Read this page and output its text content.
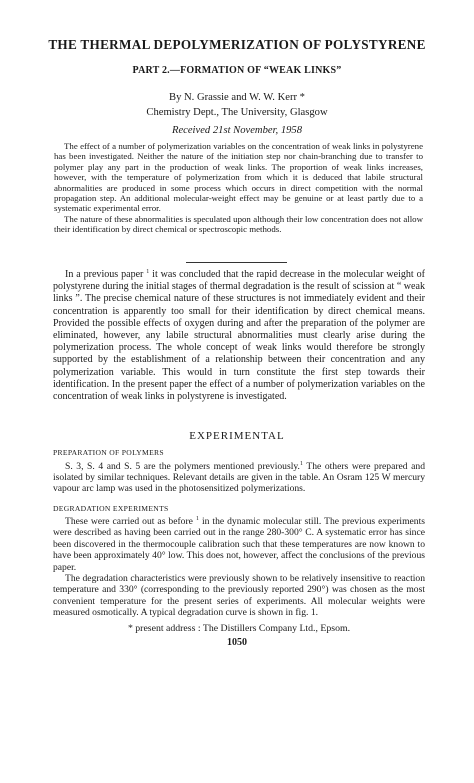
THE THERMAL DEPOLYMERIZATION OF POLYSTYRENE
PART 2.—FORMATION OF “WEAK LINKS”
By N. Grassie and W. W. Kerr *
Chemistry Dept., The University, Glasgow
Received 21st November, 1958

The effect of a number of polymerization variables on the concentration of weak links in polystyrene has been investigated. Neither the nature of the initiation step nor chain-branching due to transfer to polymer play any part in the production of weak links. The proportion of weak links increases, however, with the temperature of polymerization from which it is deduced that labile structural abnormalities are produced in some process which occurs in direct competition with the normal propagation step. An additional molecular-weight effect may be genuine or at least partly due to a systematic experimental error.

The nature of these abnormalities is speculated upon although their low concentration does not allow their identification by direct chemical or spectroscopic methods.

In a previous paper $^1$ it was concluded that the rapid decrease in the molecular weight of polystyrene during the initial stages of thermal degradation is the result of scission at “ weak links ”. The precise chemical nature of these structures is not immediately evident and their concentration is apparently too small for their identification by direct chemical means. Provided the possible effects of oxygen during and after the preparation of the polymer are eliminated, however, any labile structural abnormalities must clearly arise during the polymerization process. The whole concept of weak links would therefore be strongly supported by the establishment of a relationship between their concentration and any polymerization variable. This would in turn constitute the first step towards their identification. In the present paper the effect of a number of polymerization variables on the concentration of weak links in polystyrene is investigated.

EXPERIMENTAL
PREPARATION OF POLYMERS

S. 3, S. 4 and S. 5 are the polymers mentioned previously.$^1$ The others were prepared and isolated by similar techniques. Relevant details are given in the table. An Osram 125 W mercury vapour arc lamp was used in the photosensitized polymerizations.

DEGRADATION EXPERIMENTS

These were carried out as before $^1$ in the dynamic molecular still. The previous experiments were described as having been carried out in the range 280-300° C. A systematic error has since been discovered in the thermocouple calibration such that these temperatures are now known to have been approximately 40° low. This does not, however, affect the conclusions of the previous paper.

The degradation characteristics were previously shown to be relatively insensitive to reaction temperature and 330° (corresponding to the previously reported 290°) was chosen as the most convenient temperature for the present series of experiments. All molecular weights were measured osmotically. A typical degradation curve is shown in fig. 1.

* present address : The Distillers Company Ltd., Epsom.
1050
